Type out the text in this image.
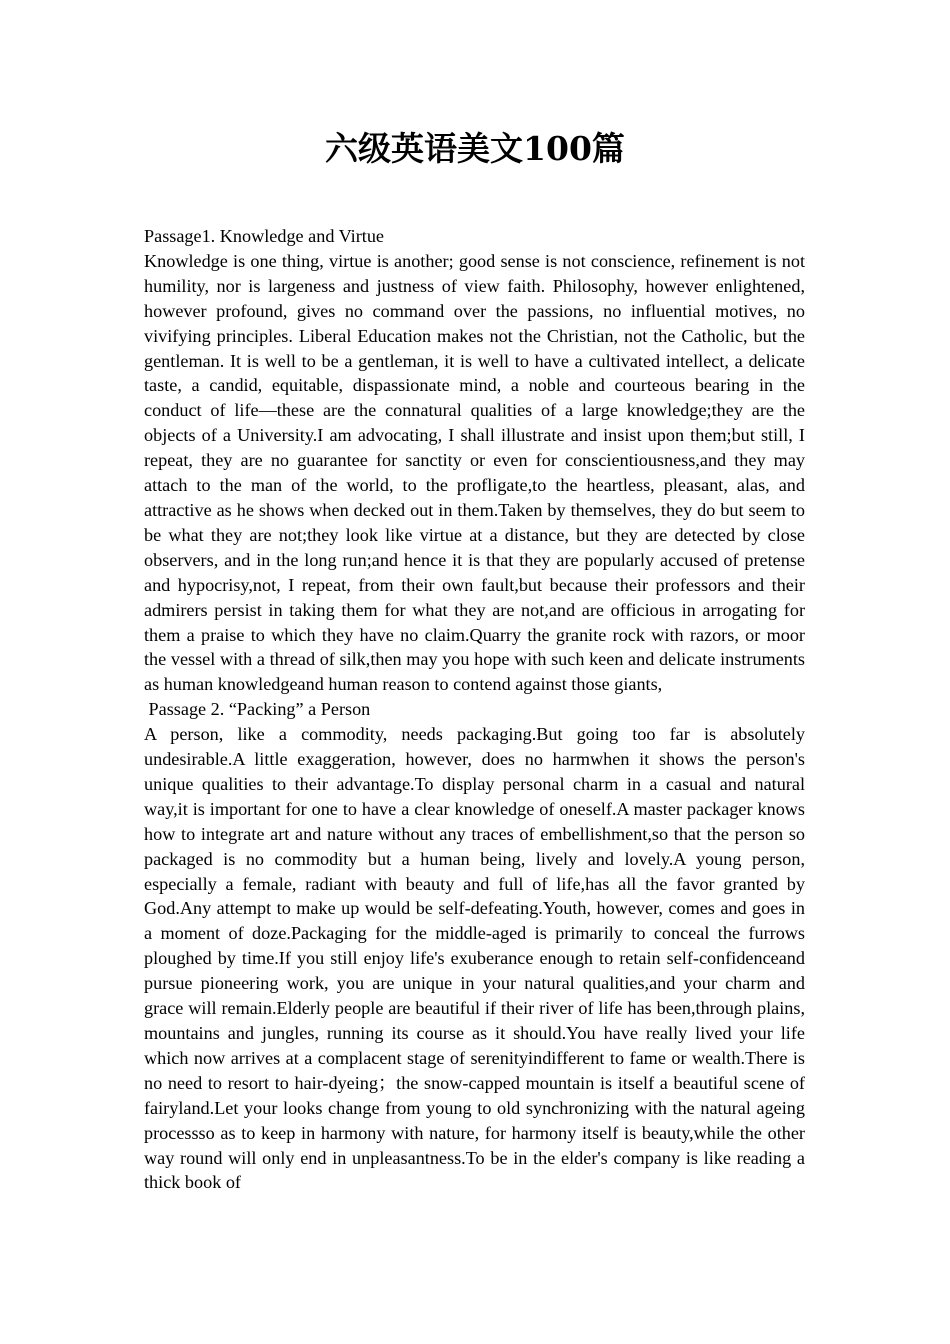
六级英语美文100篇

Passage1. Knowledge and Virtue

Knowledge is one thing, virtue is another; good sense is not conscience, refinement is not humility, nor is largeness and justness of view faith. Philosophy, however enlightened, however profound, gives no command over the passions, no influential motives, no vivifying principles. Liberal Education makes not the Christian, not the Catholic, but the gentleman. It is well to be a gentleman, it is well to have a cultivated intellect, a delicate taste, a candid, equitable, dispassionate mind, a noble and courteous bearing in the conduct of life—these are the connatural qualities of a large knowledge;they are the objects of a University.I am advocating, I shall illustrate and insist upon them;but still, I repeat, they are no guarantee for sanctity or even for conscientiousness,and they may attach to the man of the world, to the profligate,to the heartless, pleasant, alas, and attractive as he shows when decked out in them.Taken by themselves, they do but seem to be what they are not;they look like virtue at a distance, but they are detected by close observers, and in the long run;and hence it is that they are popularly accused of pretense and hypocrisy,not, I repeat, from their own fault,but because their professors and their admirers persist in taking them for what they are not,and are officious in arrogating for them a praise to which they have no claim.Quarry the granite rock with razors, or moor the vessel with a thread of silk,then may you hope with such keen and delicate instruments as human knowledgeand human reason to contend against those giants,

Passage 2. “Packing” a Person

A person, like a commodity, needs packaging.But going too far is absolutely undesirable.A little exaggeration, however, does no harmwhen it shows the person's unique qualities to their advantage.To display personal charm in a casual and natural way,it is important for one to have a clear knowledge of oneself.A master packager knows how to integrate art and nature without any traces of embellishment,so that the person so packaged is no commodity but a human being, lively and lovely.A young person, especially a female, radiant with beauty and full of life,has all the favor granted by God.Any attempt to make up would be self-defeating.Youth, however, comes and goes in a moment of doze.Packaging for the middle-aged is primarily to conceal the furrows ploughed by time.If you still enjoy life's exuberance enough to retain self-confidenceand pursue pioneering work, you are unique in your natural qualities,and your charm and grace will remain.Elderly people are beautiful if their river of life has been,through plains, mountains and jungles, running its course as it should.You have really lived your life which now arrives at a complacent stage of serenityindifferent to fame or wealth.There is no need to resort to hair-dyeing；the snow-capped mountain is itself a beautiful scene of fairyland.Let your looks change from young to old synchronizing with the natural ageing processso as to keep in harmony with nature, for harmony itself is beauty,while the other way round will only end in unpleasantness.To be in the elder's company is like reading a thick book of
